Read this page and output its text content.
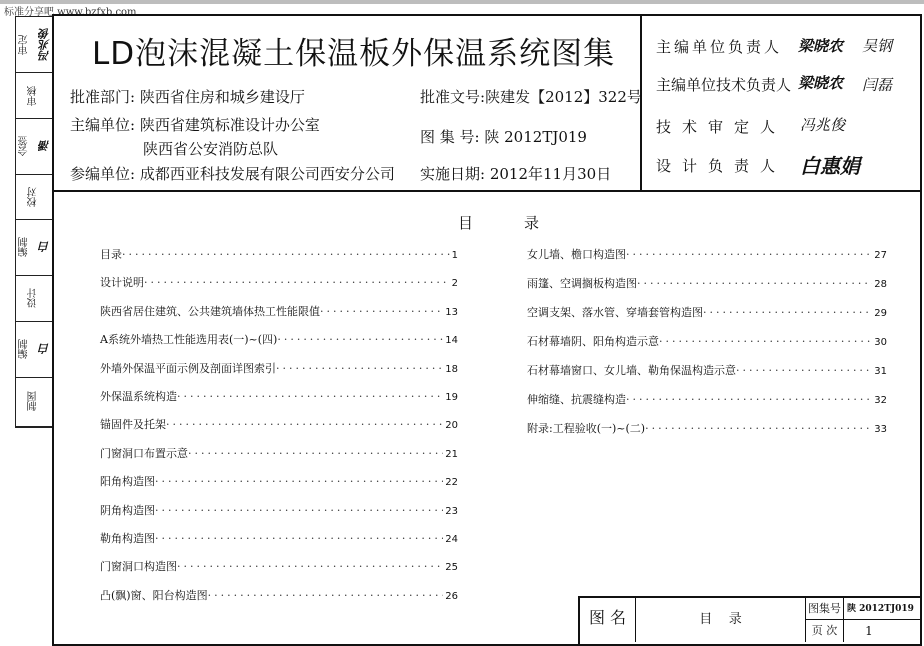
标准分享吧 www.bzfxb.com
审定 冯兆俊
审核
会签 潘
校对
编制 白
设计
编制 白
制图
LD泡沫混凝土保温板外保温系统图集
批准部门: 陕西省住房和城乡建设厅
主编单位: 陕西省建筑标准设计办公室
陕西省公安消防总队
参编单位: 成都西亚科技发展有限公司西安分公司
批准文号:陕建发【2012】322号
图 集 号: 陕 2012TJ019
实施日期: 2012年11月30日
主编单位负责人 梁晓农 吴钢
主编单位技术负责人 梁晓农 闫磊
技术审定人 冯兆俊
设计负责人 白惠娟
目	录
目录 ·····	1
设计说明 ·····	2
陕西省居住建筑、公共建筑墙体热工性能限值 ·····	13
A系统外墙热工性能选用表(一)~(四) ·····	14
外墙外保温平面示例及剖面详图索引 ·····	18
外保温系统构造 ·····	19
锚固件及托架 ·····	20
门窗洞口布置示意 ·····	21
阳角构造图 ·····	22
阴角构造图 ·····	23
勒角构造图 ·····	24
门窗洞口构造图 ·····	25
凸(飘)窗、阳台构造图 ·····	26
女儿墙、檐口构造图 ·····	27
雨篷、空调搁板构造图 ·····	28
空调支架、落水管、穿墙套管构造图 ·····	29
石材幕墙阴、阳角构造示意 ·····	30
石材幕墙窗口、女儿墙、勒角保温构造示意 ·····	31
伸缩缝、抗震缝构造 ·····	32
附录:工程验收(一)~(二) ·····	33
图 名	目    录
图集号 陕 2012TJ019
页 次	1
